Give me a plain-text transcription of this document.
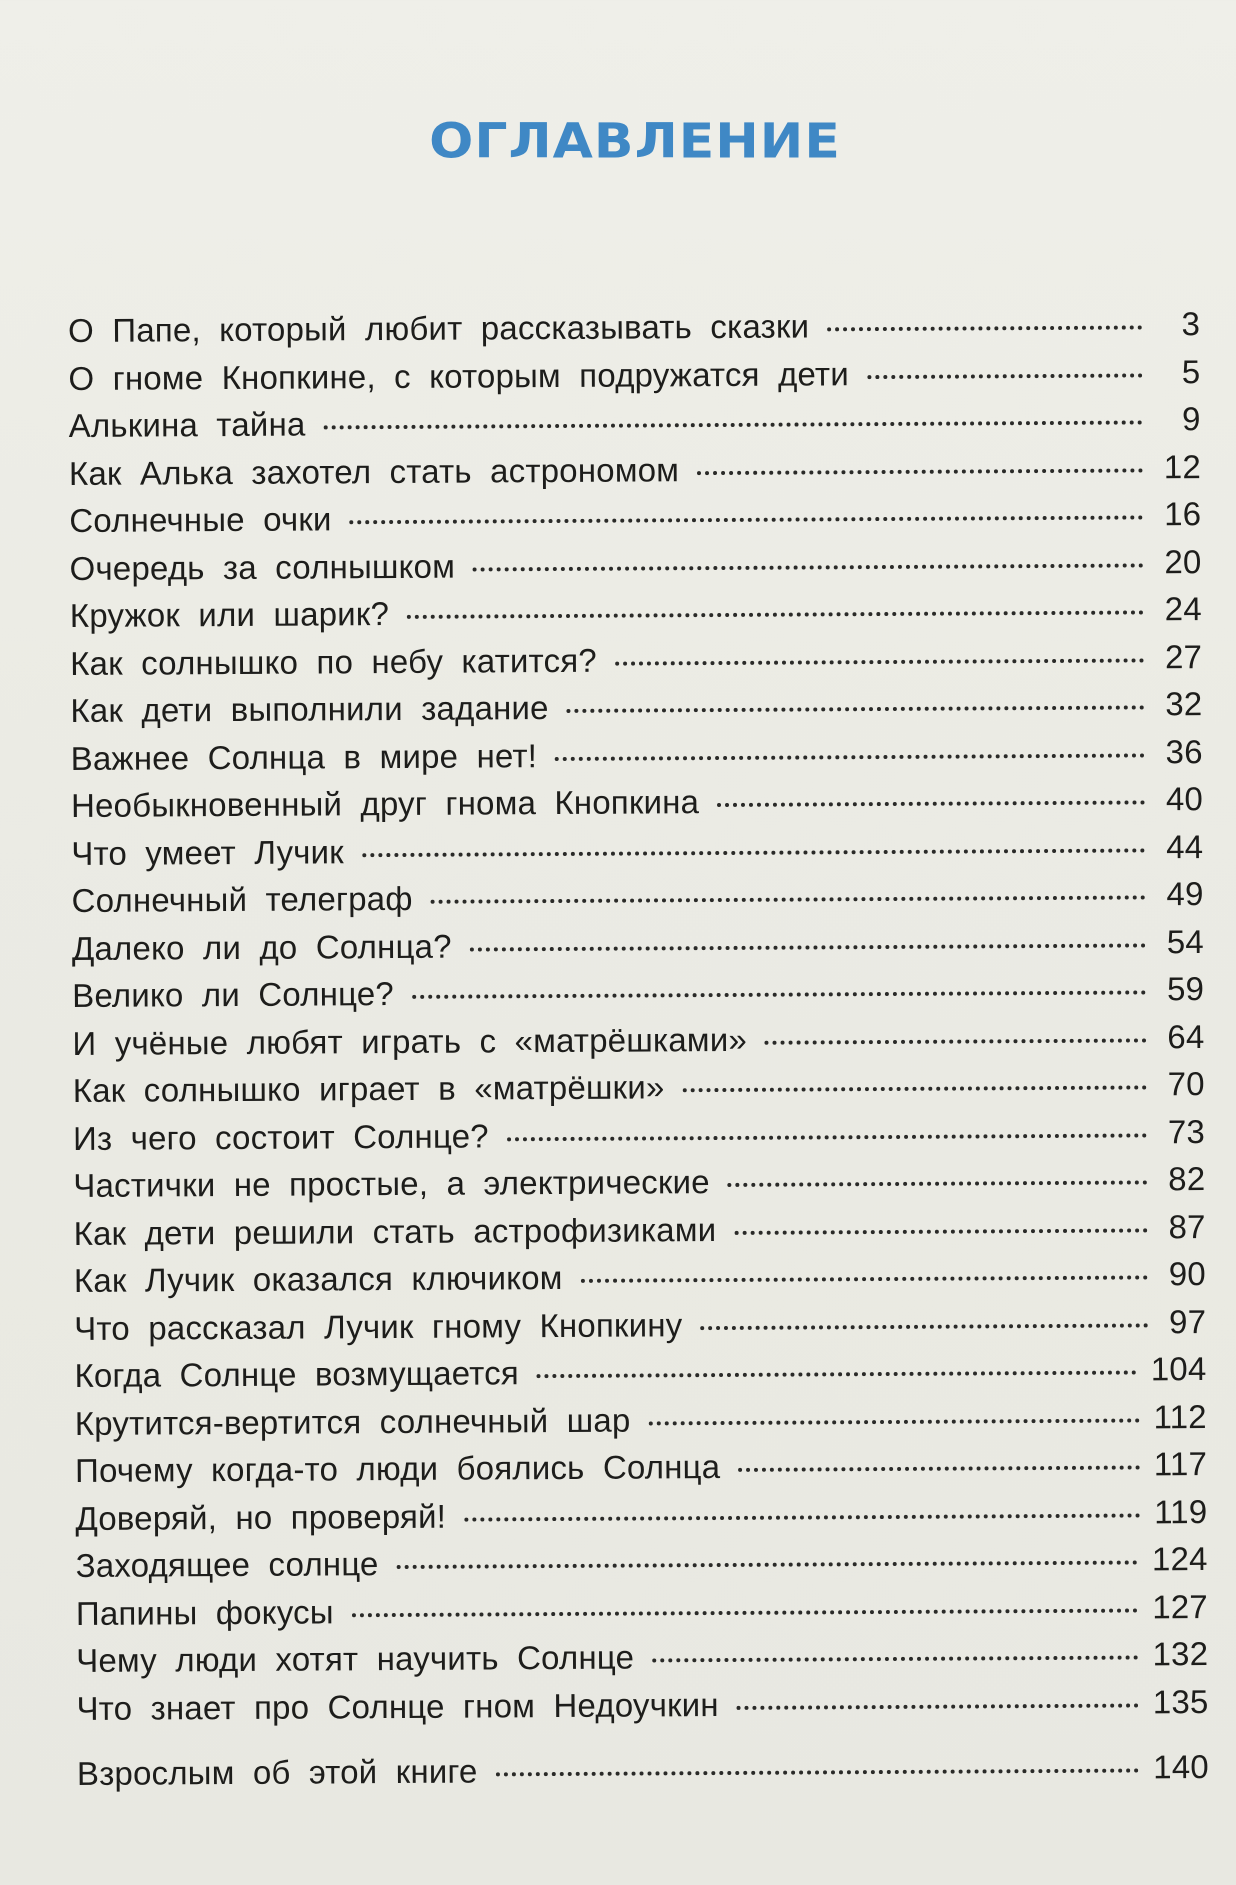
ОГЛАВЛЕНИЕ
О Папе, который любит рассказывать сказки	3
О гноме Кнопкине, с которым подружатся дети	5
Алькина тайна	9
Как Алька захотел стать астрономом	12
Солнечные очки	16
Очередь за солнышком	20
Кружок или шарик?	24
Как солнышко по небу катится?	27
Как дети выполнили задание	32
Важнее Солнца в мире нет!	36
Необыкновенный друг гнома Кнопкина	40
Что умеет Лучик	44
Солнечный телеграф	49
Далеко ли до Солнца?	54
Велико ли Солнце?	59
И учёные любят играть с «матрёшками»	64
Как солнышко играет в «матрёшки»	70
Из чего состоит Солнце?	73
Частички не простые, а электрические	82
Как дети решили стать астрофизиками	87
Как Лучик оказался ключиком	90
Что рассказал Лучик гному Кнопкину	97
Когда Солнце возмущается	104
Крутится-вертится солнечный шар	112
Почему когда-то люди боялись Солнца	117
Доверяй, но проверяй!	119
Заходящее солнце	124
Папины фокусы	127
Чему люди хотят научить Солнце	132
Что знает про Солнце гном Недоучкин	135
Взрослым об этой книге	140
